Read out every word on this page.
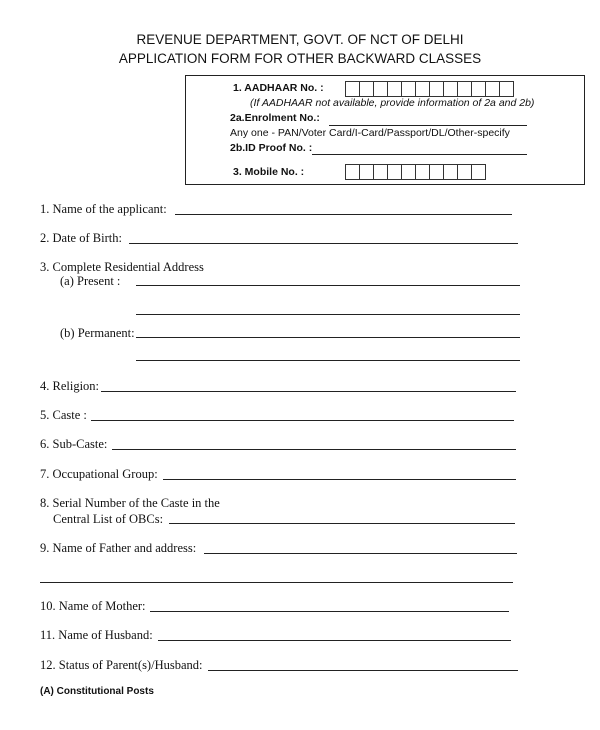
REVENUE DEPARTMENT, GOVT. OF NCT OF DELHI
APPLICATION FORM FOR OTHER BACKWARD CLASSES
1. AADHAAR No. :
(If AADHAAR not available, provide information of 2a and 2b)
2a.Enrolment No.:
Any one - PAN/Voter Card/I-Card/Passport/DL/Other-specify
2b.ID Proof No. :
3. Mobile No. :
1. Name of the applicant:
2. Date of Birth:
3. Complete Residential Address
(a) Present :
(b) Permanent:
4. Religion:
5. Caste :
6. Sub-Caste:
7. Occupational Group:
8. Serial Number of the Caste in the
Central List of OBCs:
9. Name of Father and address:
10. Name of Mother:
11. Name of Husband:
12. Status of Parent(s)/Husband:
(A) Constitutional Posts
